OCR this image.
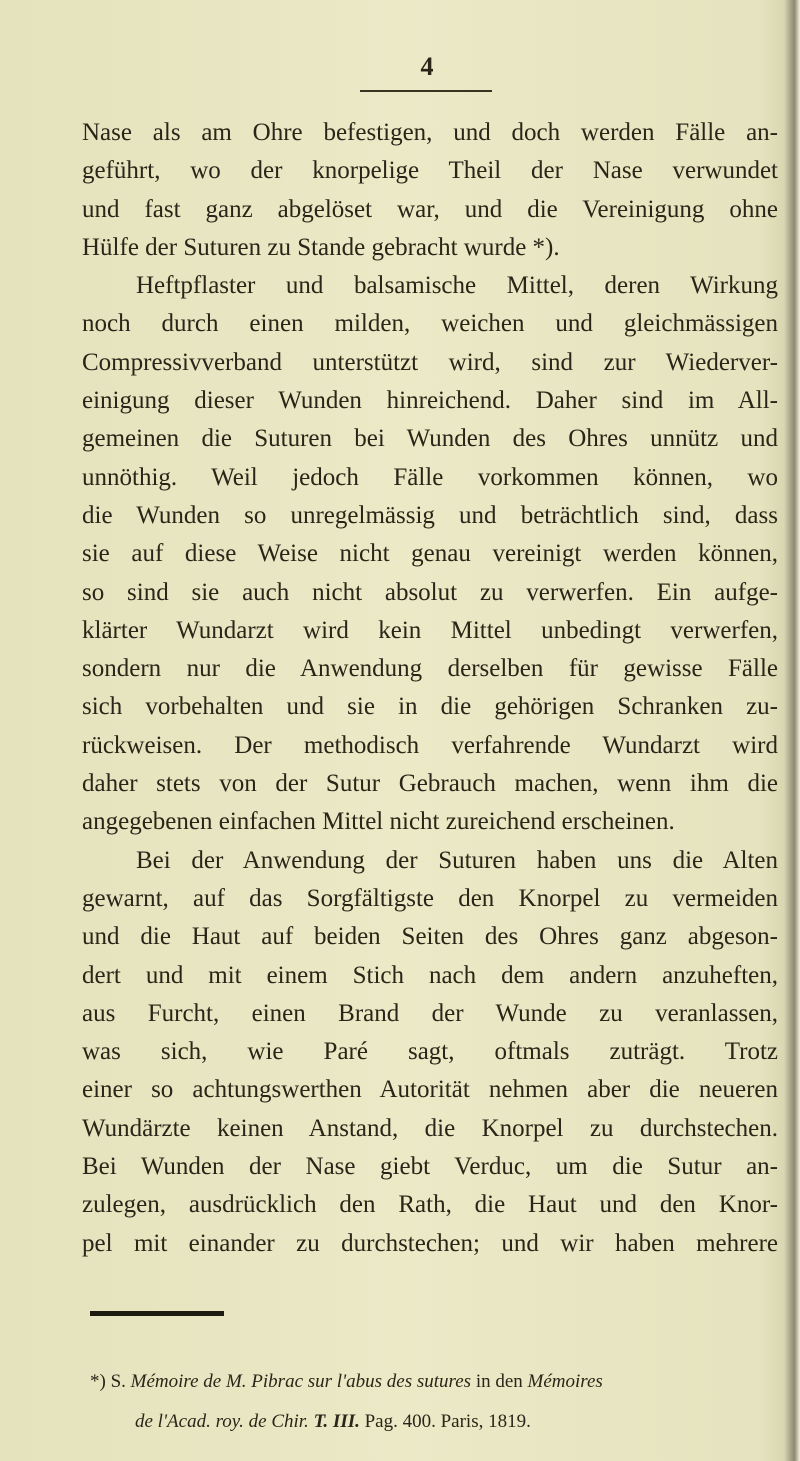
4
Nase als am Ohre befestigen, und doch werden Fälle an-
geführt, wo der knorpelige Theil der Nase verwundet
und fast ganz abgelöset war, und die Vereinigung ohne
Hülfe der Suturen zu Stande gebracht wurde *).
Heftpflaster und balsamische Mittel, deren Wirkung
noch durch einen milden, weichen und gleichmässigen
Compressivverband unterstützt wird, sind zur Wiederver-
einigung dieser Wunden hinreichend. Daher sind im All-
gemeinen die Suturen bei Wunden des Ohres unnütz und
unnöthig. Weil jedoch Fälle vorkommen können, wo
die Wunden so unregelmässig und beträchtlich sind, dass
sie auf diese Weise nicht genau vereinigt werden können,
so sind sie auch nicht absolut zu verwerfen. Ein aufge-
klärter Wundarzt wird kein Mittel unbedingt verwerfen,
sondern nur die Anwendung derselben für gewisse Fälle
sich vorbehalten und sie in die gehörigen Schranken zu-
rückweisen. Der methodisch verfahrende Wundarzt wird
daher stets von der Sutur Gebrauch machen, wenn ihm die
angegebenen einfachen Mittel nicht zureichend erscheinen.
Bei der Anwendung der Suturen haben uns die Alten
gewarnt, auf das Sorgfältigste den Knorpel zu vermeiden
und die Haut auf beiden Seiten des Ohres ganz abgeson-
dert und mit einem Stich nach dem andern anzuheften,
aus Furcht, einen Brand der Wunde zu veranlassen,
was sich, wie Paré sagt, oftmals zuträgt. Trotz
einer so achtungswerthen Autorität nehmen aber die neueren
Wundärzte keinen Anstand, die Knorpel zu durchstechen.
Bei Wunden der Nase giebt Verduc, um die Sutur an-
zulegen, ausdrücklich den Rath, die Haut und den Knor-
pel mit einander zu durchstechen; und wir haben mehrere
*) S. Mémoire de M. Pibrac sur l'abus des sutures in den Mémoires
de l'Acad. roy. de Chir. T. III. Pag. 400. Paris, 1819.
